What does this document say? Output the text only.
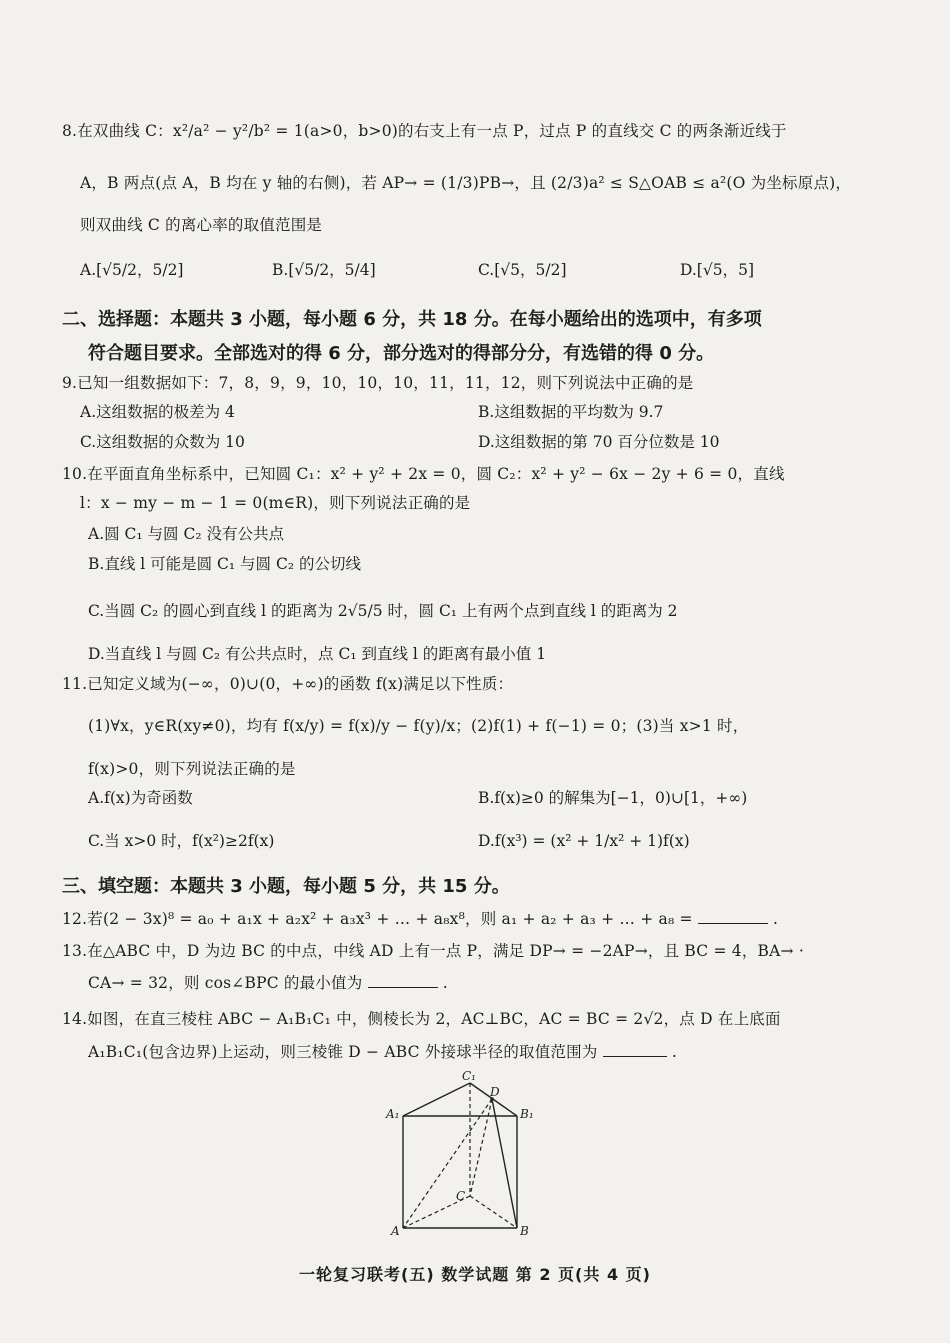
8.在双曲线 C：x²/a² − y²/b² = 1(a>0，b>0)的右支上有一点 P，过点 P 的直线交 C 的两条渐近线于
A，B 两点(点 A，B 均在 y 轴的右侧)，若 AP→ = (1/3)PB→，且 (2/3)a² ≤ S△OAB ≤ a²(O 为坐标原点)，
则双曲线 C 的离心率的取值范围是
A.[√5/2，5/2]	B.[√5/2，5/4]	C.[√5，5/2]	D.[√5，5]
二、选择题：本题共 3 小题，每小题 6 分，共 18 分。在每小题给出的选项中，有多项
符合题目要求。全部选对的得 6 分，部分选对的得部分分，有选错的得 0 分。
9.已知一组数据如下：7，8，9，9，10，10，10，11，11，12，则下列说法中正确的是
A.这组数据的极差为 4	B.这组数据的平均数为 9.7
C.这组数据的众数为 10	D.这组数据的第 70 百分位数是 10
10.在平面直角坐标系中，已知圆 C₁：x² + y² + 2x = 0，圆 C₂：x² + y² − 6x − 2y + 6 = 0，直线
l：x − my − m − 1 = 0(m∈R)，则下列说法正确的是
A.圆 C₁ 与圆 C₂ 没有公共点
B.直线 l 可能是圆 C₁ 与圆 C₂ 的公切线
C.当圆 C₂ 的圆心到直线 l 的距离为 2√5/5 时，圆 C₁ 上有两个点到直线 l 的距离为 2
D.当直线 l 与圆 C₂ 有公共点时，点 C₁ 到直线 l 的距离有最小值 1
11.已知定义域为(−∞，0)∪(0，+∞)的函数 f(x)满足以下性质：
(1)∀x，y∈R(xy≠0)，均有 f(x/y) = f(x)/y − f(y)/x；(2)f(1) + f(−1) = 0；(3)当 x>1 时，
f(x)>0，则下列说法正确的是
A.f(x)为奇函数	B.f(x)≥0 的解集为[−1，0)∪[1，+∞)
C.当 x>0 时，f(x²)≥2f(x)	D.f(x³) = (x² + 1/x² + 1)f(x)
三、填空题：本题共 3 小题，每小题 5 分，共 15 分。
12.若(2 − 3x)⁸ = a₀ + a₁x + a₂x² + a₃x³ + … + a₈x⁸，则 a₁ + a₂ + a₃ + … + a₈ =	.
13.在△ABC 中，D 为边 BC 的中点，中线 AD 上有一点 P，满足 DP→ = −2AP→，且 BC = 4，BA→ ·
CA→ = 32，则 cos∠BPC 的最小值为	.
14.如图，在直三棱柱 ABC − A₁B₁C₁ 中，侧棱长为 2，AC⊥BC，AC = BC = 2√2，点 D 在上底面
A₁B₁C₁(包含边界)上运动，则三棱锥 D − ABC 外接球半径的取值范围为	.
A₁
C₁
D
B₁
A	B
C
一轮复习联考(五) 数学试题 第 2 页(共 4 页)
